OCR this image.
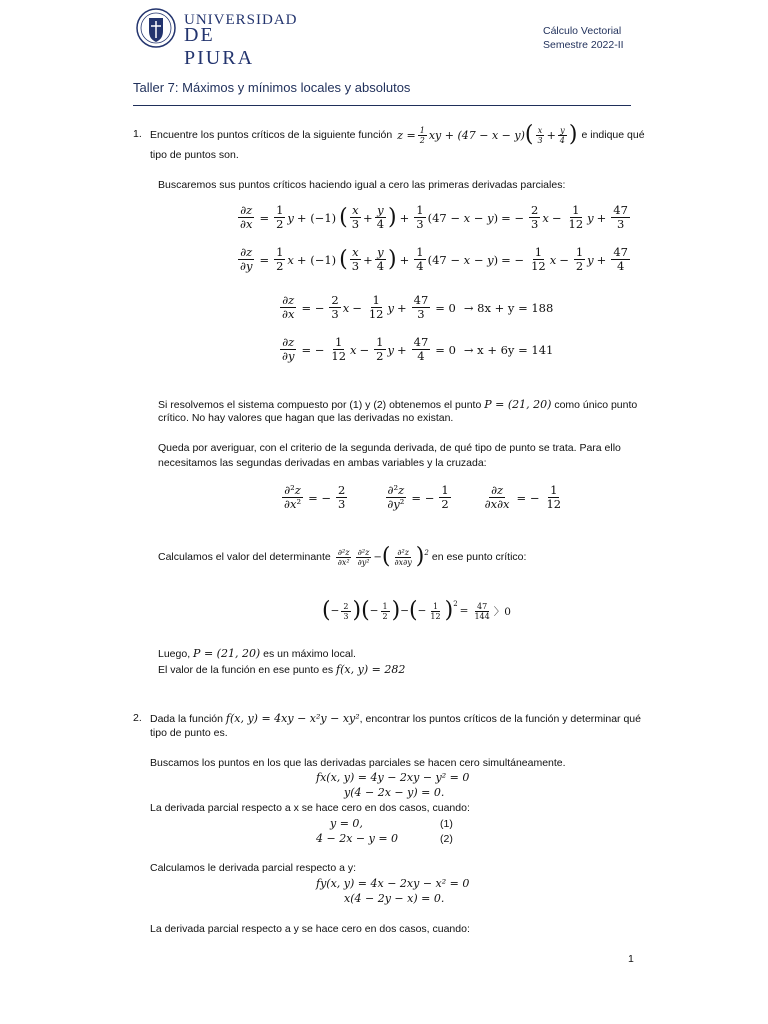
UNIVERSIDAD
DE PIURA
Cálculo Vectorial
Semestre 2022-II
Taller 7: Máximos y mínimos locales y absolutos
1. Encuentre los puntos críticos de la siguiente función $z = \frac{1}{2}$ xy + (47 − x − y) ( $\frac{x}{3} + \frac{y}{4}$ ) e indique qué
tipo de puntos son.
Buscaremos sus puntos críticos haciendo igual a cero las primeras derivadas parciales:
$\frac{\partial z}{\partial x} = \frac{1}{2}$ y + (−1) ( $\frac{x}{3} + \frac{y}{4}$ ) + $\frac{1}{3} (47 - x - y)$ = − $\frac{2}{3}$ $x - \frac{1}{12}$ $y + \frac{47}{3}$
$\frac{\partial z}{\partial y} = \frac{1}{2}$ x + (−1) ( $\frac{x}{3} + \frac{y}{4}$ ) + $\frac{1}{4} (47 - x - y)$ = − $\frac{1}{12}$ $x - \frac{1}{2}$ $y + \frac{47}{4}$
$\frac{\partial z}{\partial x}$ = − $\frac{2}{3}$ $x - \frac{1}{12}$ $y + \frac{47}{3} = 0 \to 8x + y = 188$
$\frac{\partial z}{\partial y}$ = − $\frac{1}{12}$ $x - \frac{1}{2}$ $y + \frac{47}{4} = 0 \to x + 6y = 141$
Si resolvemos el sistema compuesto por (1) y (2) obtenemos el punto P = (21, 20) como único punto
crítico. No hay valores que hagan que las derivadas no existan.
Queda por averiguar, con el criterio de la segunda derivada, de qué tipo de punto se trata. Para ello
necesitamos las segundas derivadas en ambas variables y la cruzada:
$\frac{\text{∂²z}}{\text{∂x²}}$ = − $\frac{2}{3}$	$\frac{\text{∂²z}}{\text{∂y²}}$ = − $\frac{1}{2}$	$\frac{\partial z}{\partial x\partial x}$ = − $\frac{1}{12}$
Calculamos el valor del determinante $\frac{\text{∂²z}}{\text{∂x²}} \frac{\text{∂²z}}{\text{∂y²}}$ − ( $\frac{\text{∂²z}}{\partial x\partial y} )^2$ en ese punto crítico:
( − $\frac{2}{3}$ ) ( − $\frac{1}{2}$ ) − ( − $\frac{1}{12} )^2$
= $\frac{47}{144}$ 〉0
Luego, P = (21, 20) es un máximo local.
El valor de la función en ese punto es f(x, y) = 282
2. Dada la función f(x, y) = 4xy − x²y − xy², encontrar los puntos críticos de la función y determinar qué
tipo de punto es.
Buscamos los puntos en los que las derivadas parciales se hacen cero simultáneamente.
fx(x, y) = 4y − 2xy − y² = 0
y(4 − 2x − y) = 0.
La derivada parcial respecto a x se hace cero en dos casos, cuando:
y = 0,	(1)
4 − 2x − y = 0	(2)
Calculamos le derivada parcial respecto a y:
fy(x, y) = 4x − 2xy − x² = 0
x(4 − 2y − x) = 0.
La derivada parcial respecto a y se hace cero en dos casos, cuando:
1
